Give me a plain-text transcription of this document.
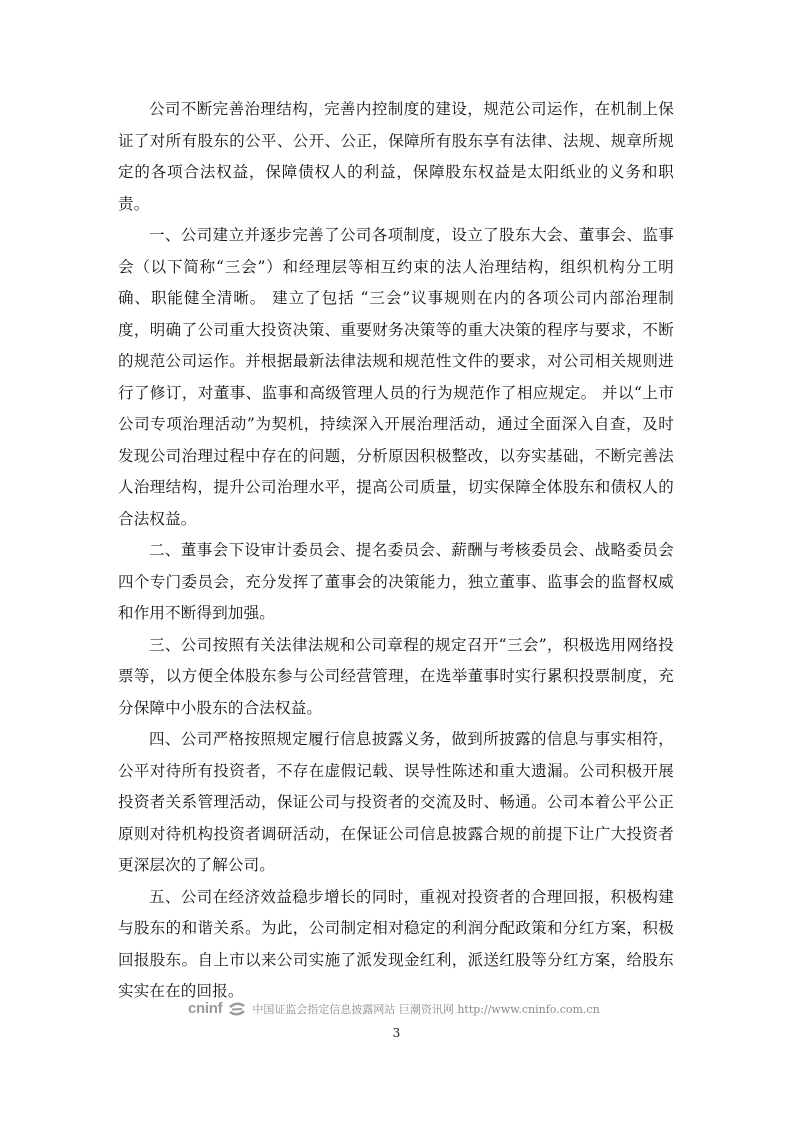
公司不断完善治理结构，完善内控制度的建设，规范公司运作，在机制上保证了对所有股东的公平、公开、公正，保障所有股东享有法律、法规、规章所规定的各项合法权益，保障债权人的利益，保障股东权益是太阳纸业的义务和职责。

一、公司建立并逐步完善了公司各项制度，设立了股东大会、董事会、监事会（以下简称“三会”）和经理层等相互约束的法人治理结构，组织机构分工明确、职能健全清晰。 建立了包括 “三会”议事规则在内的各项公司内部治理制度，明确了公司重大投资决策、重要财务决策等的重大决策的程序与要求，不断的规范公司运作。并根据最新法律法规和规范性文件的要求，对公司相关规则进行了修订，对董事、监事和高级管理人员的行为规范作了相应规定。 并以“上市公司专项治理活动”为契机，持续深入开展治理活动，通过全面深入自查，及时发现公司治理过程中存在的问题，分析原因积极整改，以夯实基础，不断完善法人治理结构，提升公司治理水平，提高公司质量，切实保障全体股东和债权人的合法权益。

二、董事会下设审计委员会、提名委员会、薪酬与考核委员会、战略委员会四个专门委员会，充分发挥了董事会的决策能力，独立董事、监事会的监督权威和作用不断得到加强。

三、公司按照有关法律法规和公司章程的规定召开“三会”，积极选用网络投票等，以方便全体股东参与公司经营管理，在选举董事时实行累积投票制度，充分保障中小股东的合法权益。

四、公司严格按照规定履行信息披露义务，做到所披露的信息与事实相符，公平对待所有投资者，不存在虚假记载、误导性陈述和重大遗漏。公司积极开展投资者关系管理活动，保证公司与投资者的交流及时、畅通。公司本着公平公正原则对待机构投资者调研活动，在保证公司信息披露合规的前提下让广大投资者更深层次的了解公司。

五、公司在经济效益稳步增长的同时，重视对投资者的合理回报，积极构建与股东的和谐关系。为此，公司制定相对稳定的利润分配政策和分红方案，积极回报股东。自上市以来公司实施了派发现金红利，派送红股等分红方案，给股东实实在在的回报。

cninf	中国证监会指定信息披露网站 巨潮资讯网 http://www.cninfo.com.cn
3
